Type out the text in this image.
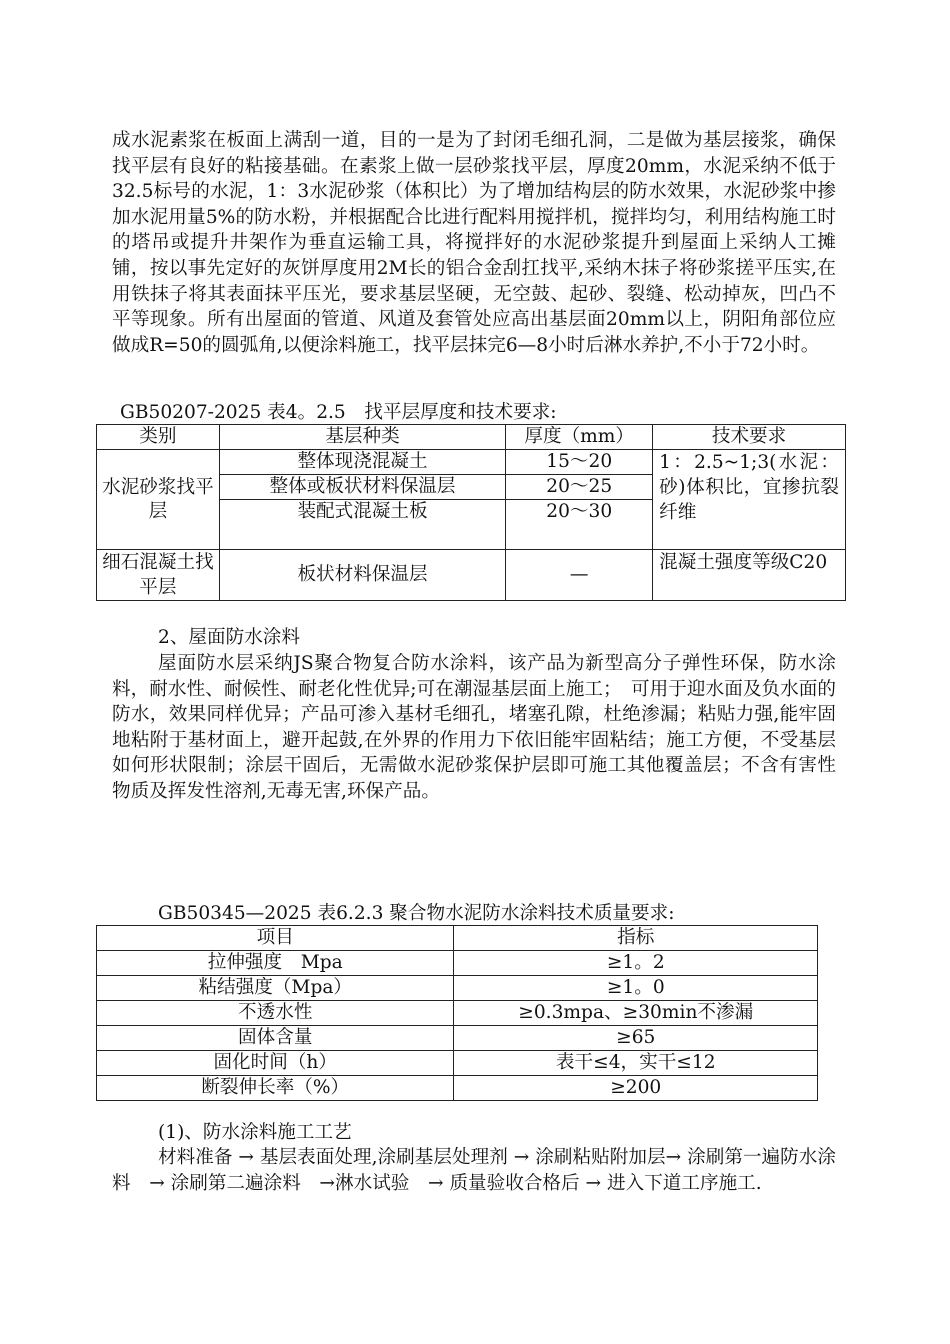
成水泥素浆在板面上满刮一道，目的一是为了封闭毛细孔洞，二是做为基层接浆，确保找平层有良好的粘接基础。在素浆上做一层砂浆找平层，厚度20mm，水泥采纳不低于32.5标号的水泥，1：3水泥砂浆（体积比）为了增加结构层的防水效果，水泥砂浆中掺加水泥用量5%的防水粉，并根据配合比进行配料用搅拌机，搅拌均匀，利用结构施工时的塔吊或提升井架作为垂直运输工具，将搅拌好的水泥砂浆提升到屋面上采纳人工摊铺，按以事先定好的灰饼厚度用2M长的铝合金刮扛找平,采纳木抹子将砂浆搓平压实,在用铁抹子将其表面抹平压光，要求基层坚硬，无空鼓、起砂、裂缝、松动掉灰，凹凸不平等现象。所有出屋面的管道、风道及套管处应高出基层面20mm以上，阴阳角部位应做成R=50的圆弧角,以便涂料施工，找平层抹完6—8小时后淋水养护,不小于72小时。

GB50207-2025 表4。2.5　找平层厚度和技术要求:
类别	基层种类	厚度（mm）	技术要求
水泥砂浆找平层	整体现浇混凝土	15～20	1：2.5~1;3(水泥：砂)体积比，宜掺抗裂纤维
	整体或板状材料保温层	20～25	
	装配式混凝土板	20～30	
细石混凝土找平层	板状材料保温层	—	混凝土强度等级C20
2、屋面防水涂料

屋面防水层采纳JS聚合物复合防水涂料，该产品为新型高分子弹性环保，防水涂料，耐水性、耐候性、耐老化性优异;可在潮湿基层面上施工；　可用于迎水面及负水面的防水，效果同样优异；产品可渗入基材毛细孔，堵塞孔隙，杜绝渗漏；粘贴力强,能牢固地粘附于基材面上，避开起鼓,在外界的作用力下依旧能牢固粘结；施工方便，不受基层如何形状限制；涂层干固后，无需做水泥砂浆保护层即可施工其他覆盖层；不含有害性物质及挥发性溶剂,无毒无害,环保产品。

GB50345—2025 表6.2.3 聚合物水泥防水涂料技术质量要求:
项目	指标
拉伸强度　Mpa	≥1。2
粘结强度（Mpa）	≥1。0
不透水性	≥0.3mpa、≥30min不渗漏
固体含量	≥65
固化时间（h）	表干≤4，实干≤12
断裂伸长率（%）	≥200
(1)、防水涂料施工工艺

材料准备 → 基层表面处理,涂刷基层处理剂 → 涂刷粘贴附加层→ 涂刷第一遍防水涂料　→ 涂刷第二遍涂料　→淋水试验　→ 质量验收合格后 → 进入下道工序施工.
